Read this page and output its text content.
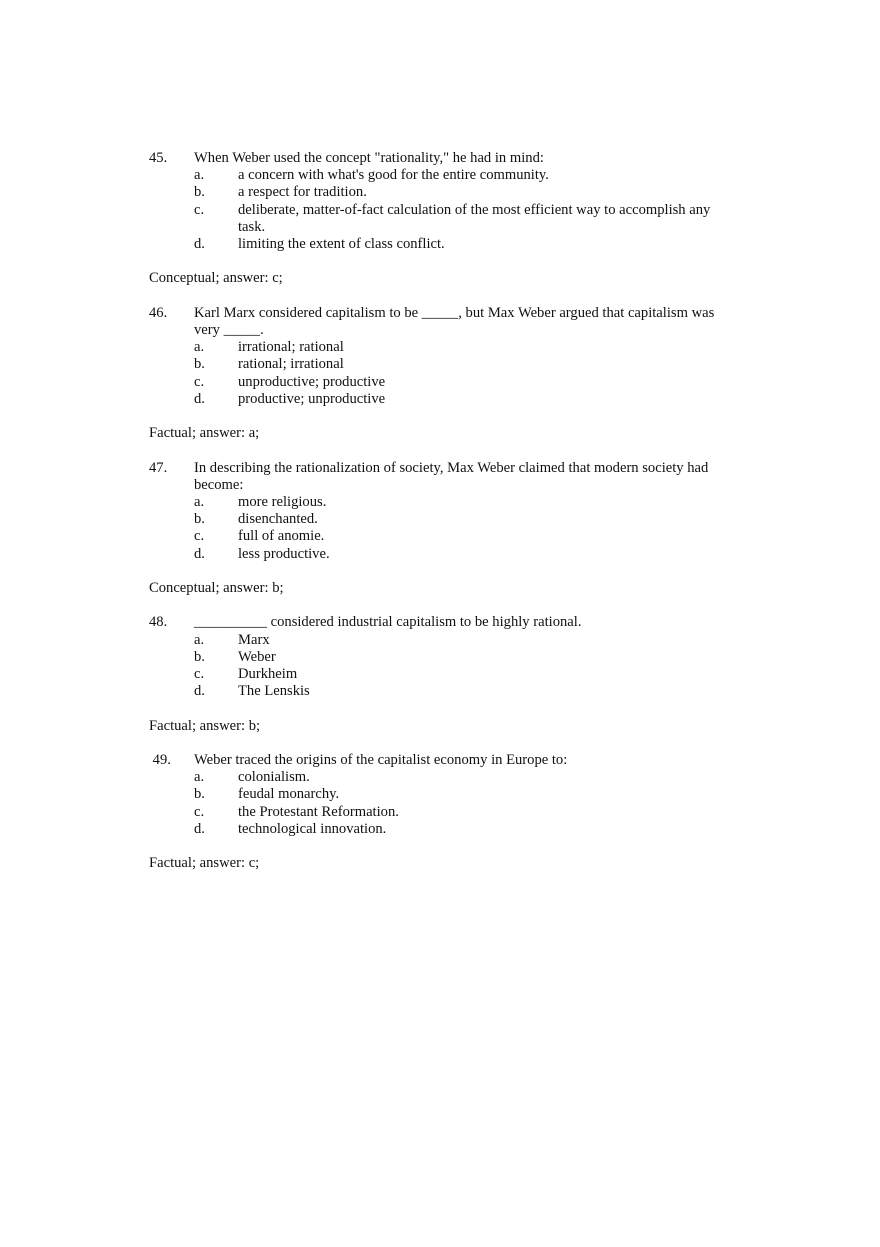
45.	When Weber used the concept "rationality," he had in mind:
a.	a concern with what's good for the entire community.
b.	a respect for tradition.
c.	deliberate, matter-of-fact calculation of the most efficient way to accomplish any task.
d.	limiting the extent of class conflict.
Conceptual; answer: c;
46.	Karl Marx considered capitalism to be _____, but Max Weber argued that capitalism was very _____.
a.	irrational; rational
b.	rational; irrational
c.	unproductive; productive
d.	productive; unproductive
Factual; answer: a;
47.	In describing the rationalization of society, Max Weber claimed that modern society had become:
a.	more religious.
b.	disenchanted.
c.	full of anomie.
d.	less productive.
Conceptual; answer: b;
48.	__________ considered industrial capitalism to be highly rational.
a.	Marx
b.	Weber
c.	Durkheim
d.	The Lenskis
Factual; answer: b;
49.	Weber traced the origins of the capitalist economy in Europe to:
a.	colonialism.
b.	feudal monarchy.
c.	the Protestant Reformation.
d.	technological innovation.
Factual; answer: c;
